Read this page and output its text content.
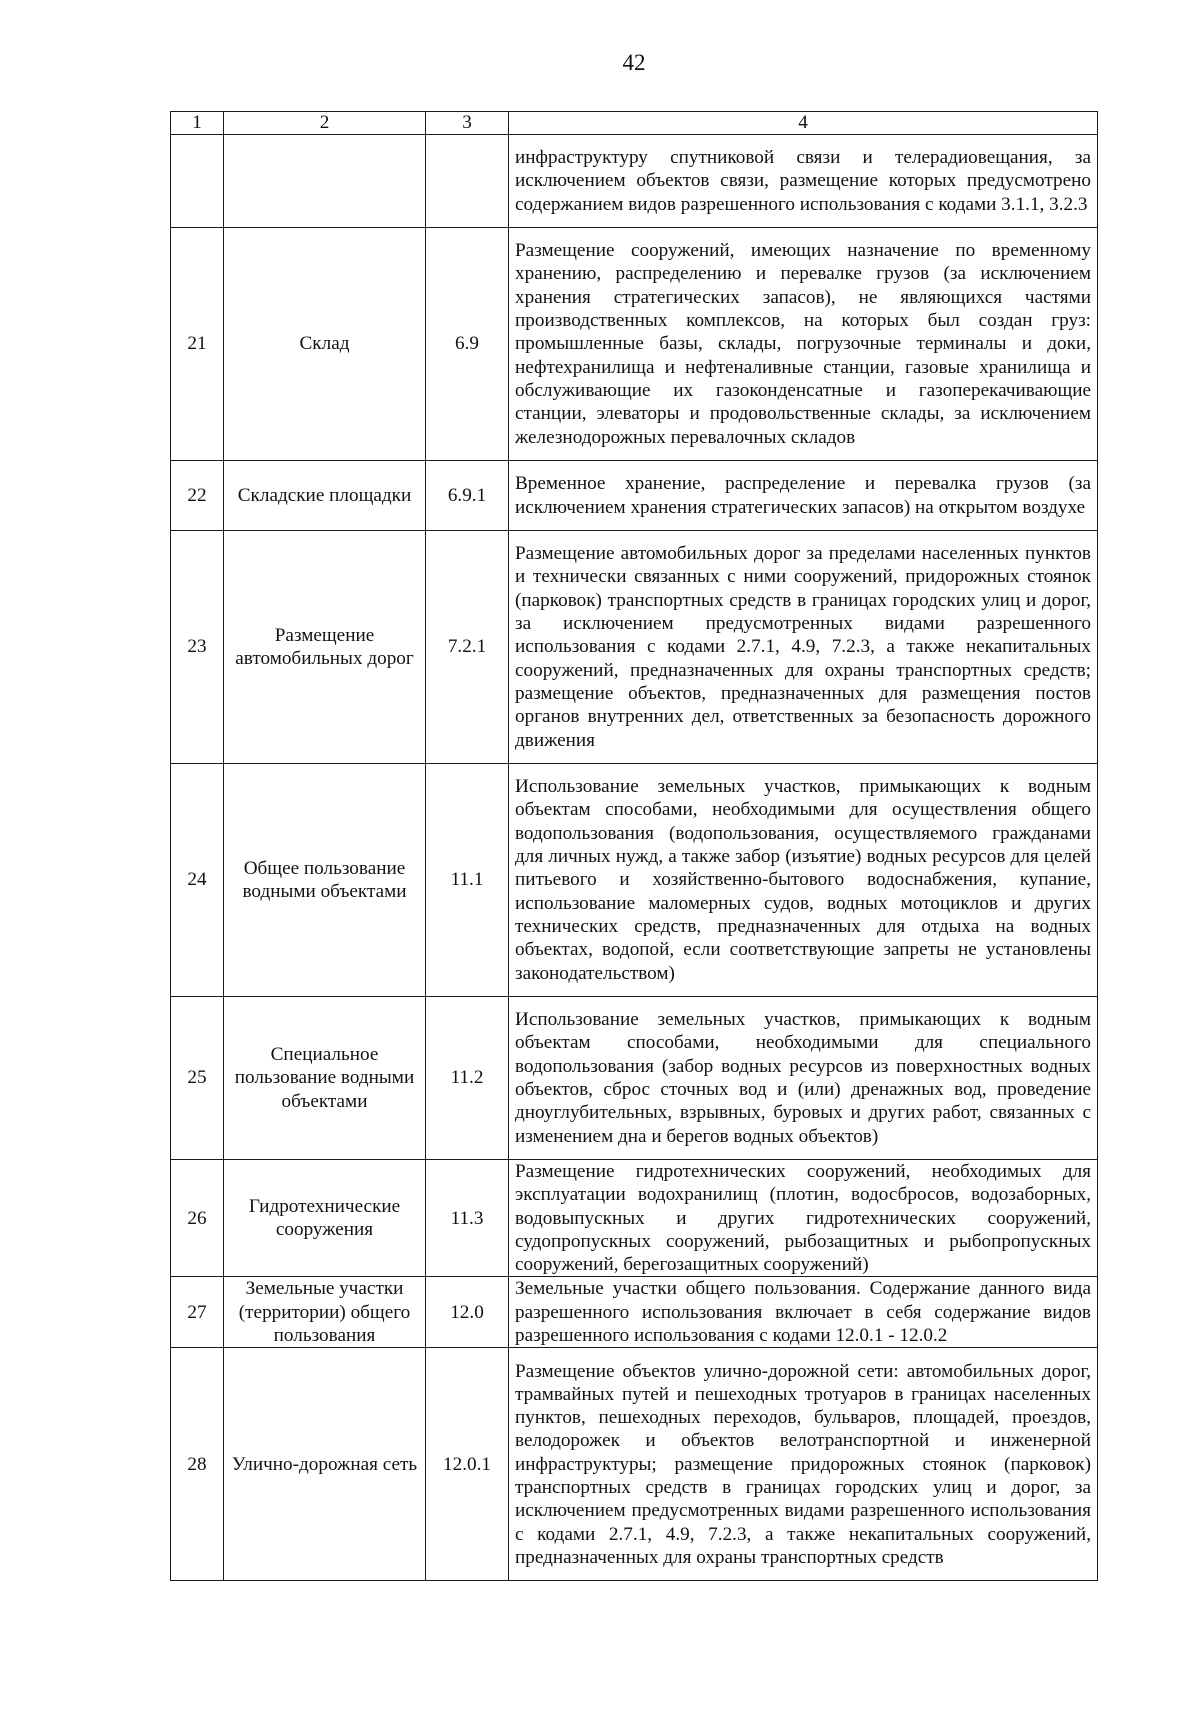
42
1	2	3	4
			инфраструктуру спутниковой связи и телерадиовещания, за исключением объектов связи, размещение которых предусмотрено содержанием видов разрешенного использования с кодами 3.1.1, 3.2.3
21	Склад	6.9	Размещение сооружений, имеющих назначение по временному хранению, распределению и перевалке грузов (за исключением хранения стратегических запасов), не являющихся частями производственных комплексов, на которых был создан груз: промышленные базы, склады, погрузочные терминалы и доки, нефтехранилища и нефтеналивные станции, газовые хранилища и обслуживающие их газоконденсатные и газоперекачивающие станции, элеваторы и продовольственные склады, за исключением железнодорожных перевалочных складов
22	Складские площадки	6.9.1	Временное хранение, распределение и перевалка грузов (за исключением хранения стратегических запасов) на открытом воздухе
23	Размещение автомобильных дорог	7.2.1	Размещение автомобильных дорог за пределами населенных пунктов и технически связанных с ними сооружений, придорожных стоянок (парковок) транспортных средств в границах городских улиц и дорог, за исключением предусмотренных видами разрешенного использования с кодами 2.7.1, 4.9, 7.2.3, а также некапитальных сооружений, предназначенных для охраны транспортных средств; размещение объектов, предназначенных для размещения постов органов внутренних дел, ответственных за безопасность дорожного движения
24	Общее пользование водными объектами	11.1	Использование земельных участков, примыкающих к водным объектам способами, необходимыми для осуществления общего водопользования (водопользования, осуществляемого гражданами для личных нужд, а также забор (изъятие) водных ресурсов для целей питьевого и хозяйственно-бытового водоснабжения, купание, использование маломерных судов, водных мотоциклов и других технических средств, предназначенных для отдыха на водных объектах, водопой, если соответствующие запреты не установлены законодательством)
25	Специальное пользование водными объектами	11.2	Использование земельных участков, примыкающих к водным объектам способами, необходимыми для специального водопользования (забор водных ресурсов из поверхностных водных объектов, сброс сточных вод и (или) дренажных вод, проведение дноуглубительных, взрывных, буровых и других работ, связанных с изменением дна и берегов водных объектов)
26	Гидротехнические сооружения	11.3	Размещение гидротехнических сооружений, необходимых для эксплуатации водохранилищ (плотин, водосбросов, водозаборных, водовыпускных и других гидротехнических сооружений, судопропускных сооружений, рыбозащитных и рыбопропускных сооружений, берегозащитных сооружений)
27	Земельные участки (территории) общего пользования	12.0	Земельные участки общего пользования. Содержание данного вида разрешенного использования включает в себя содержание видов разрешенного использования с кодами 12.0.1 - 12.0.2
28	Улично-дорожная сеть	12.0.1	Размещение объектов улично-дорожной сети: автомобильных дорог, трамвайных путей и пешеходных тротуаров в границах населенных пунктов, пешеходных переходов, бульваров, площадей, проездов, велодорожек и объектов велотранспортной и инженерной инфраструктуры; размещение придорожных стоянок (парковок) транспортных средств в границах городских улиц и дорог, за исключением предусмотренных видами разрешенного использования с кодами 2.7.1, 4.9, 7.2.3, а также некапитальных сооружений, предназначенных для охраны транспортных средств
